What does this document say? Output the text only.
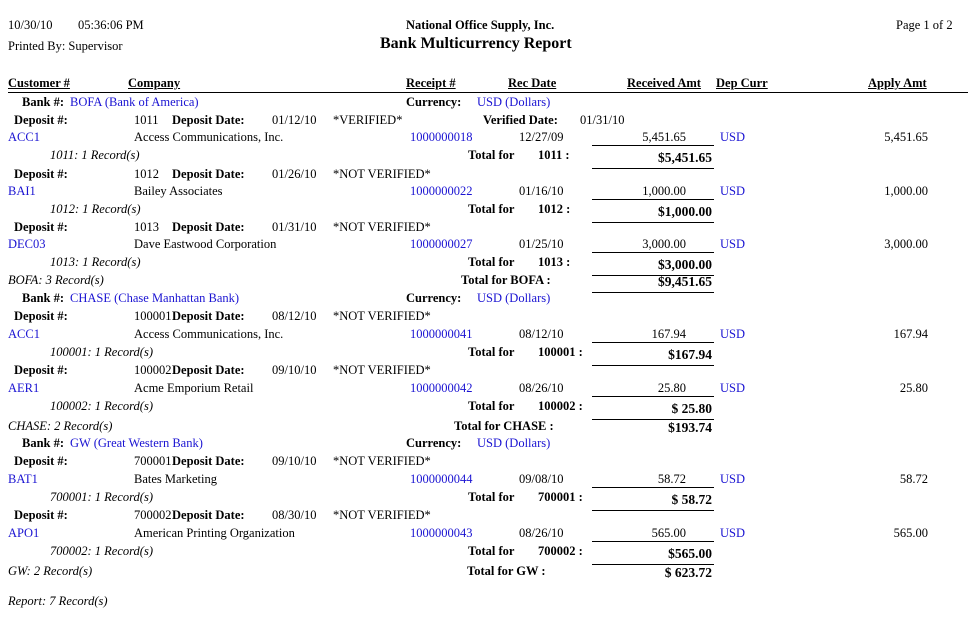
10/30/10 05:36:06 PM	National Office Supply, Inc.	Page 1 of 2
Printed By: Supervisor	Bank Multicurrency Report
Customer #	Company	Receipt #	Rec Date	Received Amt Dep Curr	Apply Amt
Bank #: BOFA (Bank of America)	Currency: USD (Dollars)
Deposit #:	1011 Deposit Date: 01/12/10 *VERIFIED*	Verified Date: 01/31/10
ACC1	Access Communications, Inc.	1000000018	12/27/09	5,451.65	USD	5,451.65
1011: 1 Record(s)	Total for 1011 :	$5,451.65
Deposit #:	1012 Deposit Date: 01/26/10 *NOT VERIFIED*
BAI1	Bailey Associates	1000000022	01/16/10	1,000.00	USD	1,000.00
1012: 1 Record(s)	Total for 1012 :	$1,000.00
Deposit #:	1013 Deposit Date: 01/31/10 *NOT VERIFIED*
DEC03	Dave Eastwood Corporation	1000000027	01/25/10	3,000.00	USD	3,000.00
1013: 1 Record(s)	Total for 1013 :	$3,000.00
BOFA: 3 Record(s)	Total for BOFA :	$9,451.65
Bank #: CHASE (Chase Manhattan Bank)	Currency: USD (Dollars)
Deposit #:	100001 Deposit Date: 08/12/10 *NOT VERIFIED*
ACC1	Access Communications, Inc.	1000000041	08/12/10	167.94	USD	167.94
100001: 1 Record(s)	Total for 100001 :	$167.94
Deposit #:	100002 Deposit Date: 09/10/10 *NOT VERIFIED*
AER1	Acme Emporium Retail	1000000042	08/26/10	25.80	USD	25.80
100002: 1 Record(s)	Total for 100002 :	$ 25.80
CHASE: 2 Record(s)	Total for CHASE :	$193.74
Bank #: GW (Great Western Bank)	Currency: USD (Dollars)
Deposit #:	700001 Deposit Date: 09/10/10 *NOT VERIFIED*
BAT1	Bates Marketing	1000000044	09/08/10	58.72	USD	58.72
700001: 1 Record(s)	Total for 700001 :	$ 58.72
Deposit #:	700002 Deposit Date: 08/30/10 *NOT VERIFIED*
APO1	American Printing Organization	1000000043	08/26/10	565.00	USD	565.00
700002: 1 Record(s)	Total for 700002 :	$565.00
GW: 2 Record(s)	Total for GW :	$ 623.72
Report: 7 Record(s)
